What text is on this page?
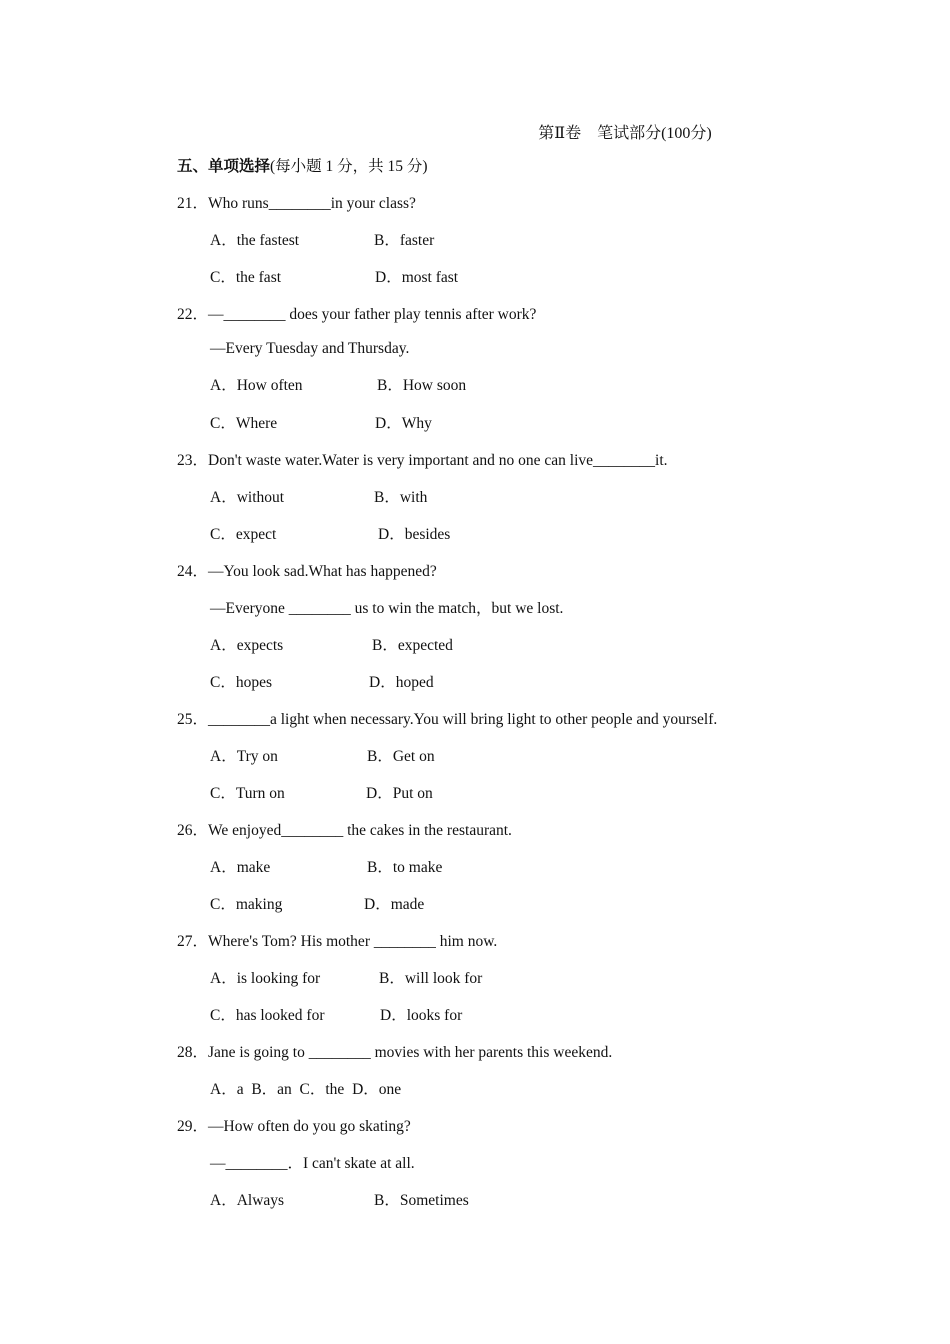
第Ⅱ卷　笔试部分(100分)
五、单项选择(每小题 1 分，共 15 分)
21．Who runs________in your class?
A．the fastest	B．faster
C．the fast	D．most fast
22．—________ does your father play tennis after work?
—Every Tuesday and Thursday.
A．How often	B．How soon
C．Where	D．Why
23．Don't waste water.Water is very important and no one can live________it.
A．without	B．with
C．expect	D．besides
24．—You look sad.What has happened?
—Everyone ________ us to win the match，but we lost.
A．expects	B．expected
C．hopes	D．hoped
25．________a light when necessary.You will bring light to other people and yourself.
A．Try on	B．Get on
C．Turn on	D．Put on
26．We enjoyed________ the cakes in the restaurant.
A．make	B．to make
C．making	D．made
27．Where's Tom? His mother ________ him now.
A．is looking for	B．will look for
C．has looked for	D．looks for
28．Jane is going to ________ movies with her parents this weekend.
A．a  B．an  C．the  D．one
29．—How often do you go skating?
—________．I can't skate at all.
A．Always	B．Sometimes
